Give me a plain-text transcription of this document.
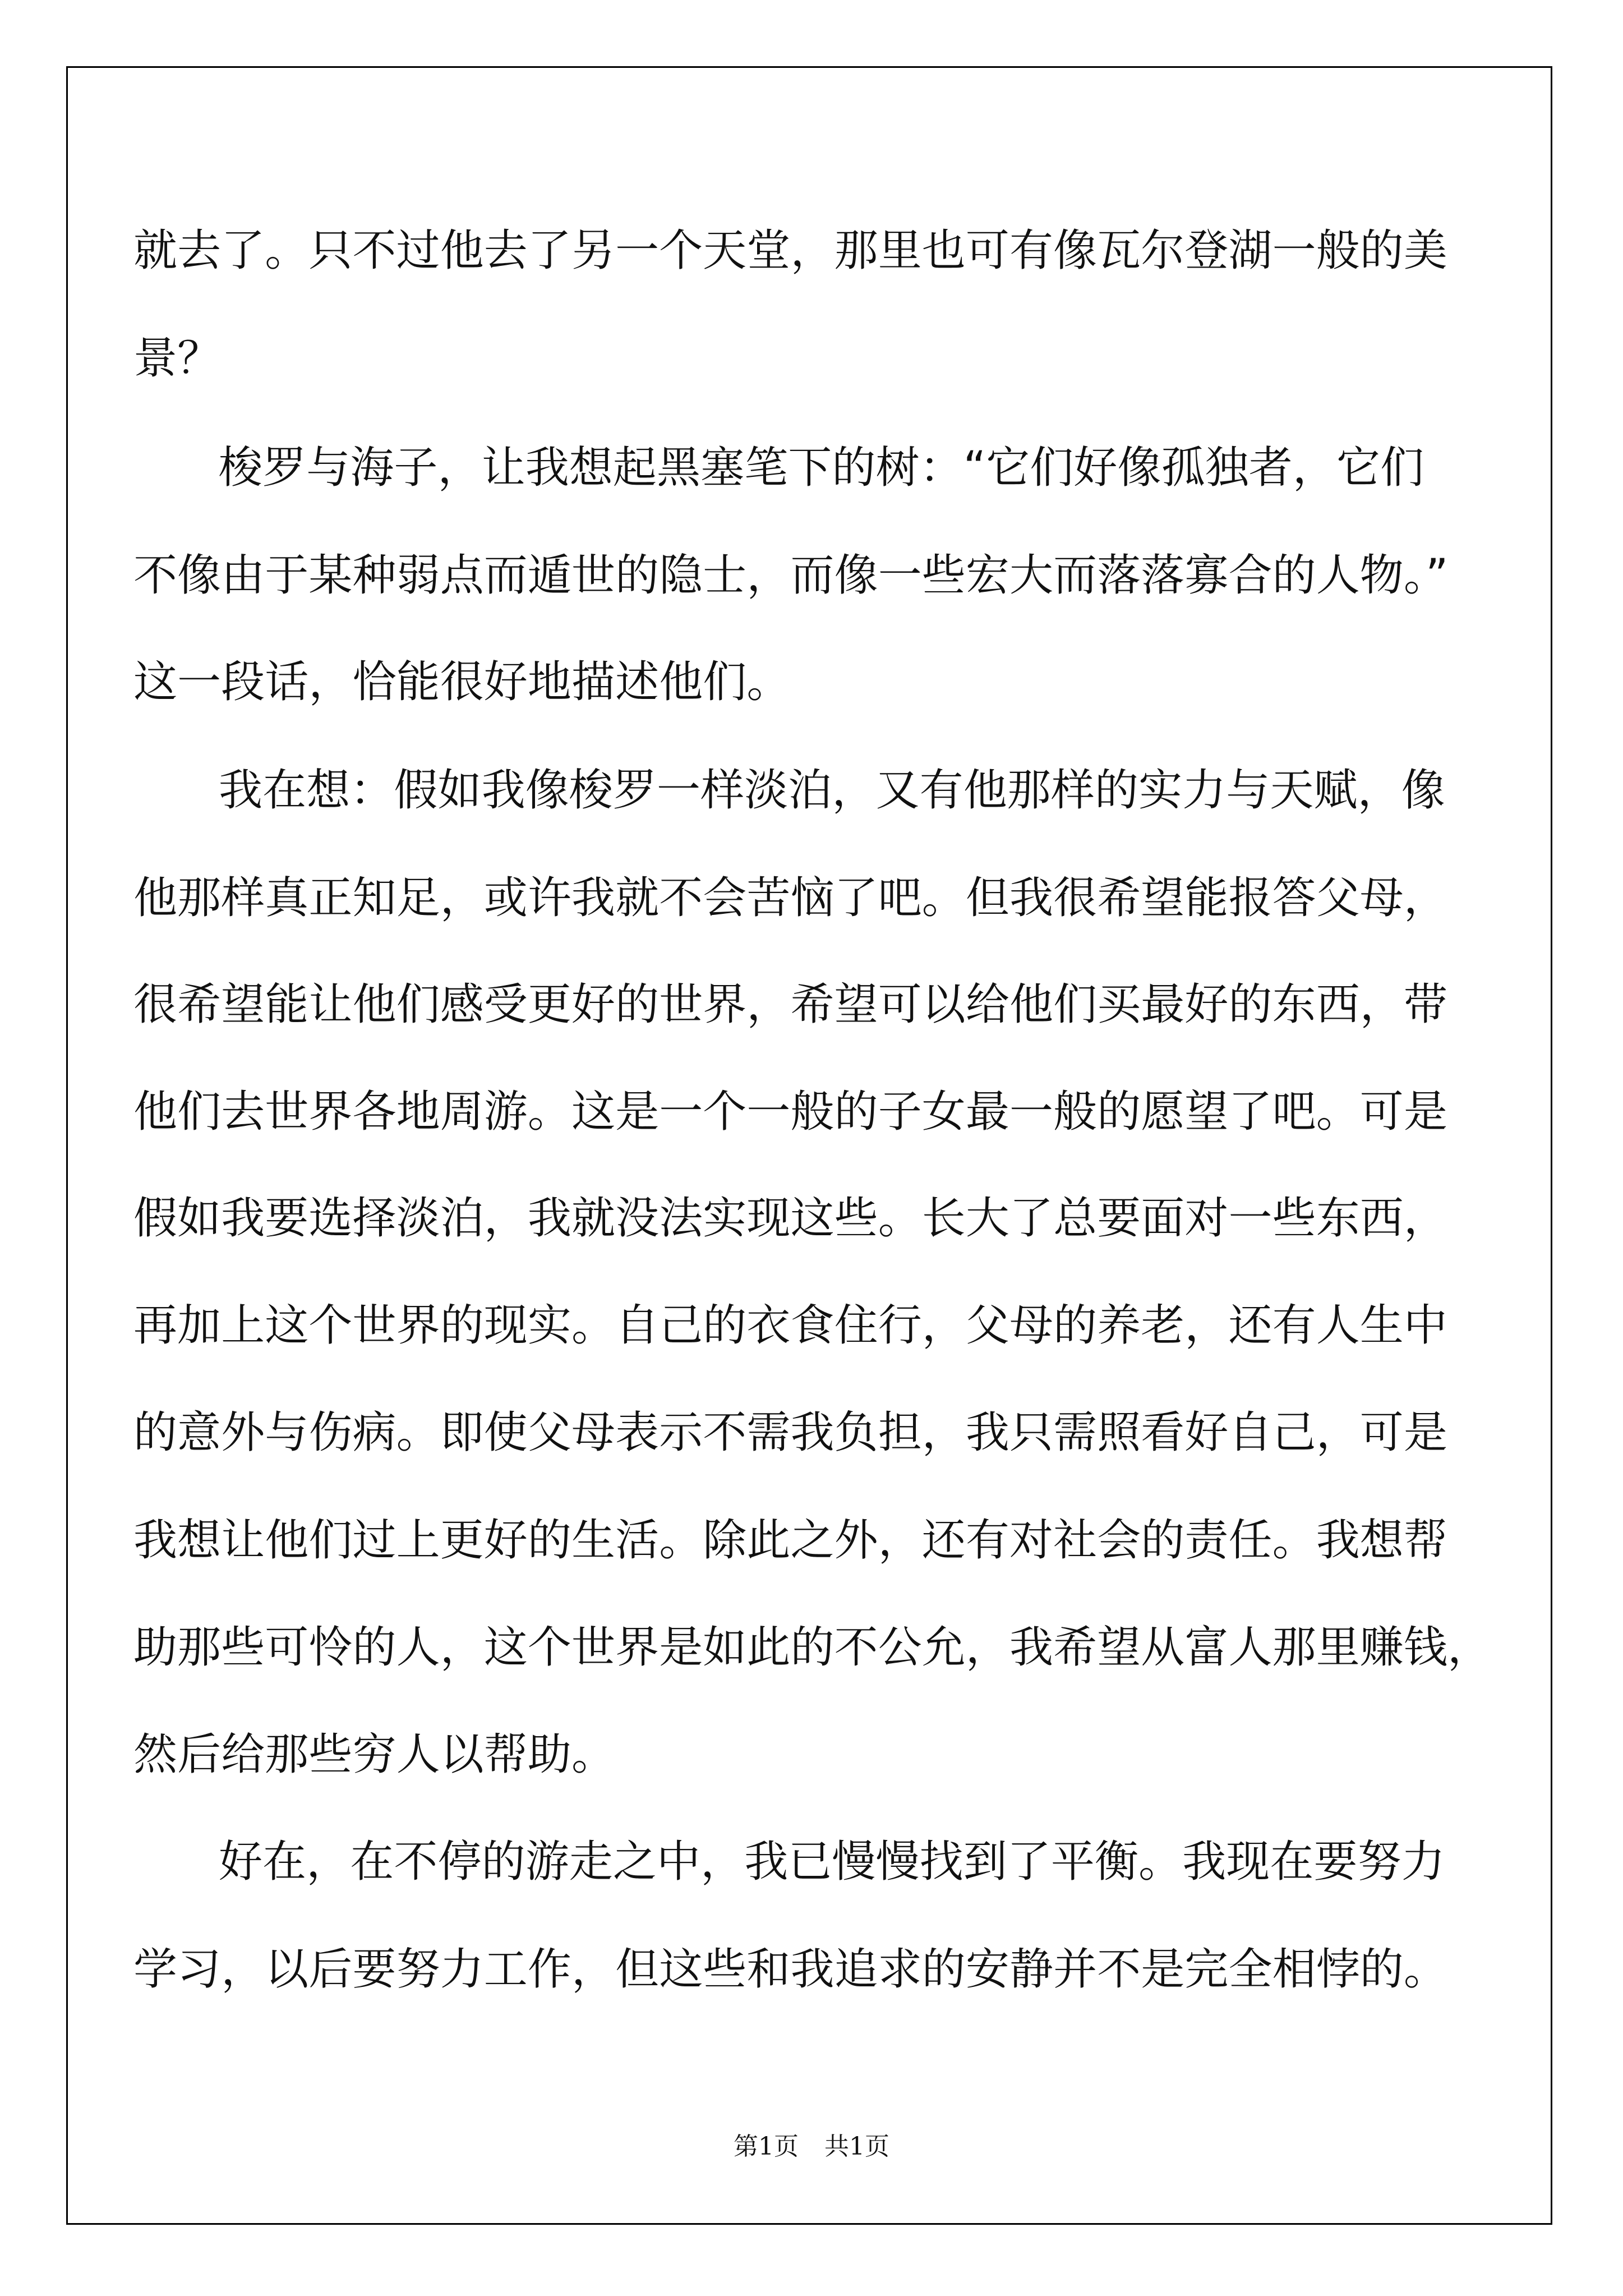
就去了。只不过他去了另一个天堂，那里也可有像瓦尔登湖一般的美
景？
梭罗与海子，让我想起黑塞笔下的树：“它们好像孤独者，它们
不像由于某种弱点而遁世的隐士，而像一些宏大而落落寡合的人物。”
这一段话，恰能很好地描述他们。
我在想：假如我像梭罗一样淡泊，又有他那样的实力与天赋，像
他那样真正知足，或许我就不会苦恼了吧。但我很希望能报答父母，
很希望能让他们感受更好的世界，希望可以给他们买最好的东西，带
他们去世界各地周游。这是一个一般的子女最一般的愿望了吧。可是
假如我要选择淡泊，我就没法实现这些。长大了总要面对一些东西，
再加上这个世界的现实。自己的衣食住行，父母的养老，还有人生中
的意外与伤病。即使父母表示不需我负担，我只需照看好自己，可是
我想让他们过上更好的生活。除此之外，还有对社会的责任。我想帮
助那些可怜的人，这个世界是如此的不公允，我希望从富人那里赚钱，
然后给那些穷人以帮助。
好在，在不停的游走之中，我已慢慢找到了平衡。我现在要努力
学习，以后要努力工作，但这些和我追求的安静并不是完全相悖的。
第1页 共1页
